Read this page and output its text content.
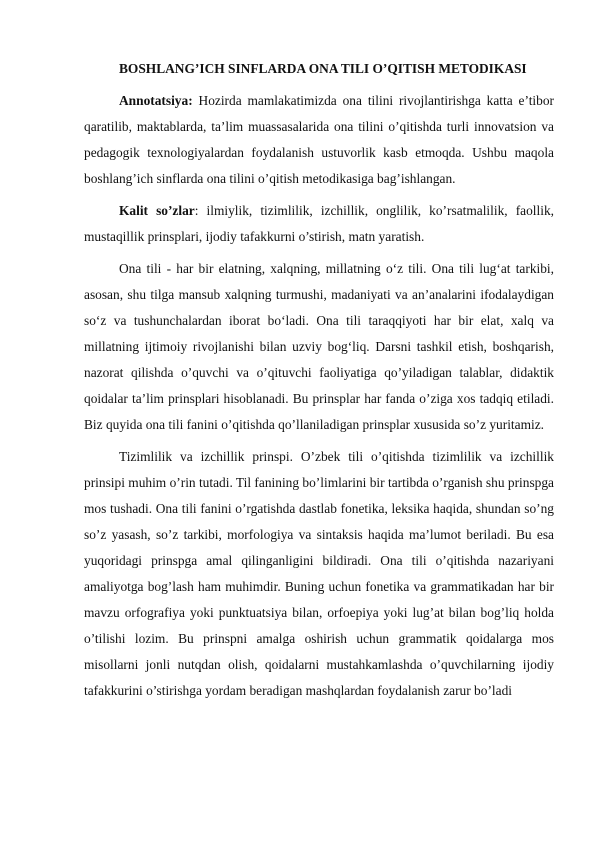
BOSHLANG’ICH SINFLARDA ONA TILI O’QITISH METODIKASI

Annotatsiya: Hozirda mamlakatimizda ona tilini rivojlantirishga katta e’tibor qaratilib, maktablarda, ta’lim muassasalarida ona tilini o’qitishda turli innovatsion va pedagogik texnologiyalardan foydalanish ustuvorlik kasb etmoqda. Ushbu maqola boshlang’ich sinflarda ona tilini o’qitish metodikasiga bag’ishlangan.

Kalit so’zlar: ilmiylik, tizimlilik, izchillik, onglilik, ko’rsatmalilik, faollik, mustaqillik prinsplari, ijodiy tafakkurni o’stirish, matn yaratish.

Ona tili - har bir elatning, xalqning, millatning o‘z tili. Ona tili lug‘at tarkibi, asosan, shu tilga mansub xalqning turmushi, madaniyati va an’analarini ifodalaydigan so‘z va tushunchalardan iborat bo‘ladi. Ona tili taraqqiyoti har bir elat, xalq va millatning ijtimoiy rivojlanishi bilan uzviy bog‘liq. Darsni tashkil etish, boshqarish, nazorat qilishda o’quvchi va o’qituvchi faoliyatiga qo’yiladigan talablar, didaktik qoidalar ta’lim prinsplari hisoblanadi. Bu prinsplar har fanda o’ziga xos tadqiq etiladi. Biz quyida ona tili fanini o’qitishda qo’llaniladigan prinsplar xususida so’z yuritamiz.

Tizimlilik va izchillik prinspi. O’zbek tili o’qitishda tizimlilik va izchillik prinsipi muhim o’rin tutadi. Til fanining bo’limlarini bir tartibda o’rganish shu prinspga mos tushadi. Ona tili fanini o’rgatishda dastlab fonetika, leksika haqida, shundan so’ng so’z yasash, so’z tarkibi, morfologiya va sintaksis haqida ma’lumot beriladi. Bu esa yuqoridagi prinspga amal qilinganligini bildiradi. Ona tili o’qitishda nazariyani amaliyotga bog’lash ham muhimdir. Buning uchun fonetika va grammatikadan har bir mavzu orfografiya yoki punktuatsiya bilan, orfoepiya yoki lug’at bilan bog’liq holda o’tilishi lozim. Bu prinspni amalga oshirish uchun grammatik qoidalarga mos misollarni jonli nutqdan olish, qoidalarni mustahkamlashda o’quvchilarning ijodiy tafakkurini o’stirishga yordam beradigan mashqlardan foydalanish zarur bo’ladi
